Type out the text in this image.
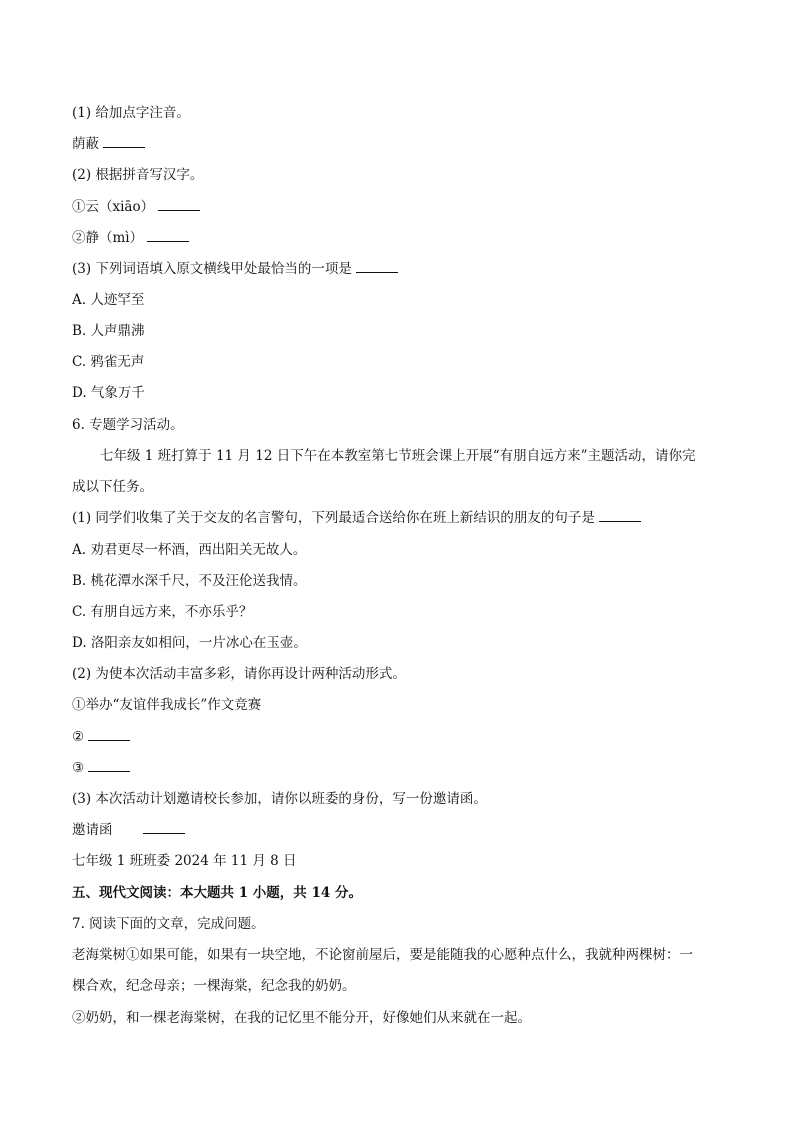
(1) 给加点字注音。
荫蔽
(2) 根据拼音写汉字。
①云（xiāo）
②静（mì）
(3) 下列词语填入原文横线甲处最恰当的一项是
A. 人迹罕至
B. 人声鼎沸
C. 鸦雀无声
D. 气象万千
6. 专题学习活动。
七年级 1 班打算于 11 月 12 日下午在本教室第七节班会课上开展“有朋自远方来”主题活动，请你完
成以下任务。
(1) 同学们收集了关于交友的名言警句，下列最适合送给你在班上新结识的朋友的句子是
A. 劝君更尽一杯酒，西出阳关无故人。
B. 桃花潭水深千尺，不及汪伦送我情。
C. 有朋自远方来，不亦乐乎？
D. 洛阳亲友如相问，一片冰心在玉壶。
(2) 为使本次活动丰富多彩，请你再设计两种活动形式。
①举办“友谊伴我成长”作文竞赛
②
③
(3) 本次活动计划邀请校长参加，请你以班委的身份，写一份邀请函。
邀请函
七年级 1 班班委 2024 年 11 月 8 日
五、现代文阅读：本大题共 1 小题，共 14 分。
7. 阅读下面的文章，完成问题。
老海棠树①如果可能，如果有一块空地，不论窗前屋后，要是能随我的心愿种点什么，我就种两棵树：一
棵合欢，纪念母亲；一棵海棠，纪念我的奶奶。
②奶奶，和一棵老海棠树，在我的记忆里不能分开，好像她们从来就在一起。
